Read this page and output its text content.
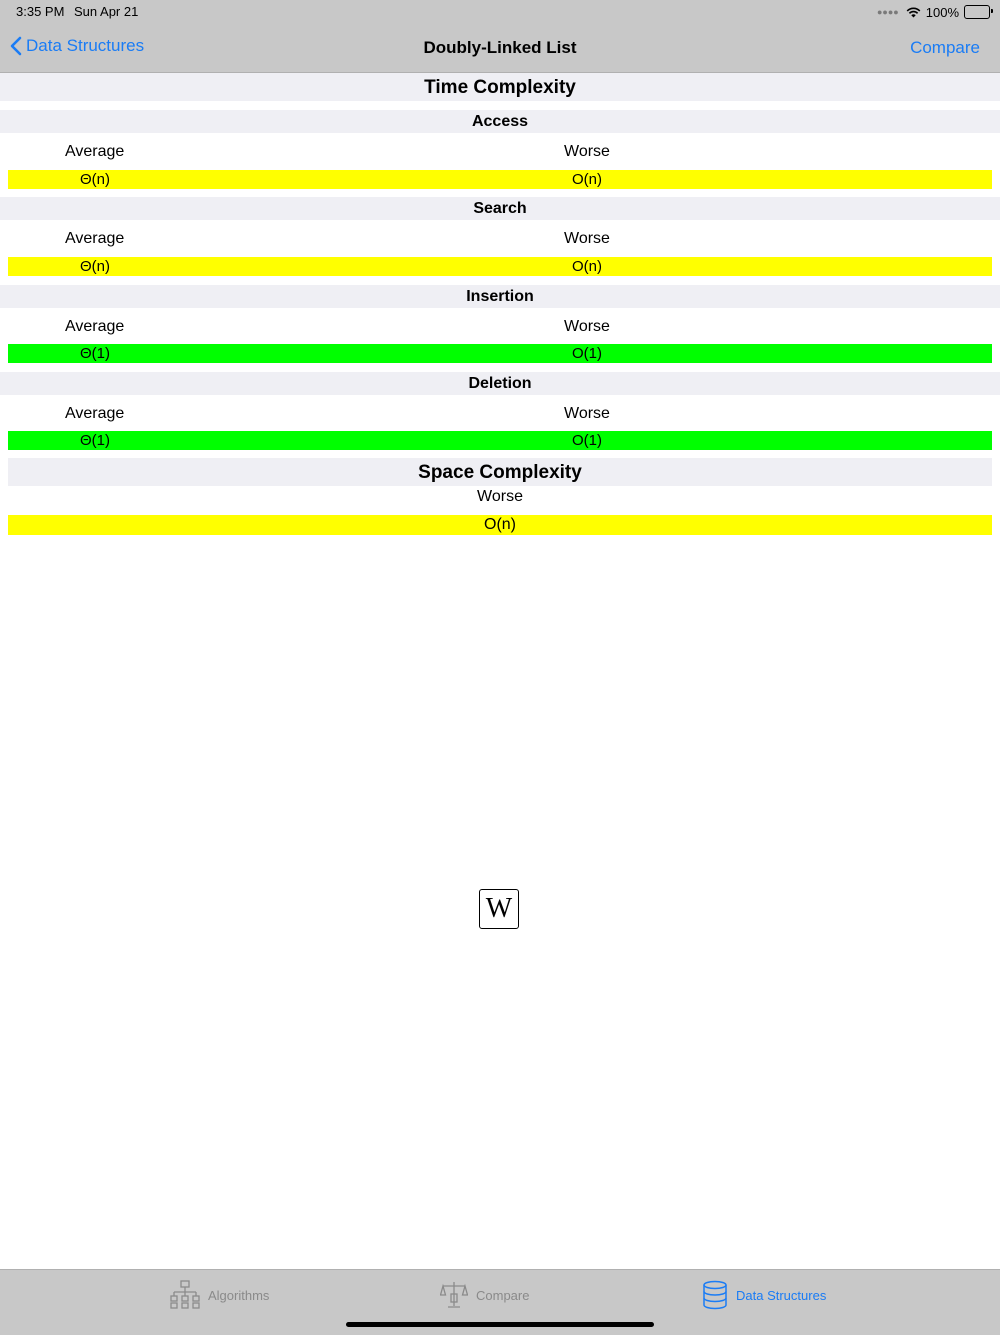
3:35 PM Sun Apr 21	●●●● 100%
Data Structures	Doubly-Linked List	Compare
Time Complexity
Access
Average	Worse
Θ(n)	O(n)
Search
Average	Worse
Θ(n)	O(n)
Insertion
Average	Worse
Θ(1)	O(1)
Deletion
Average	Worse
Θ(1)	O(1)
Space Complexity
Worse
O(n)
W
Algorithms	Compare	Data Structures
